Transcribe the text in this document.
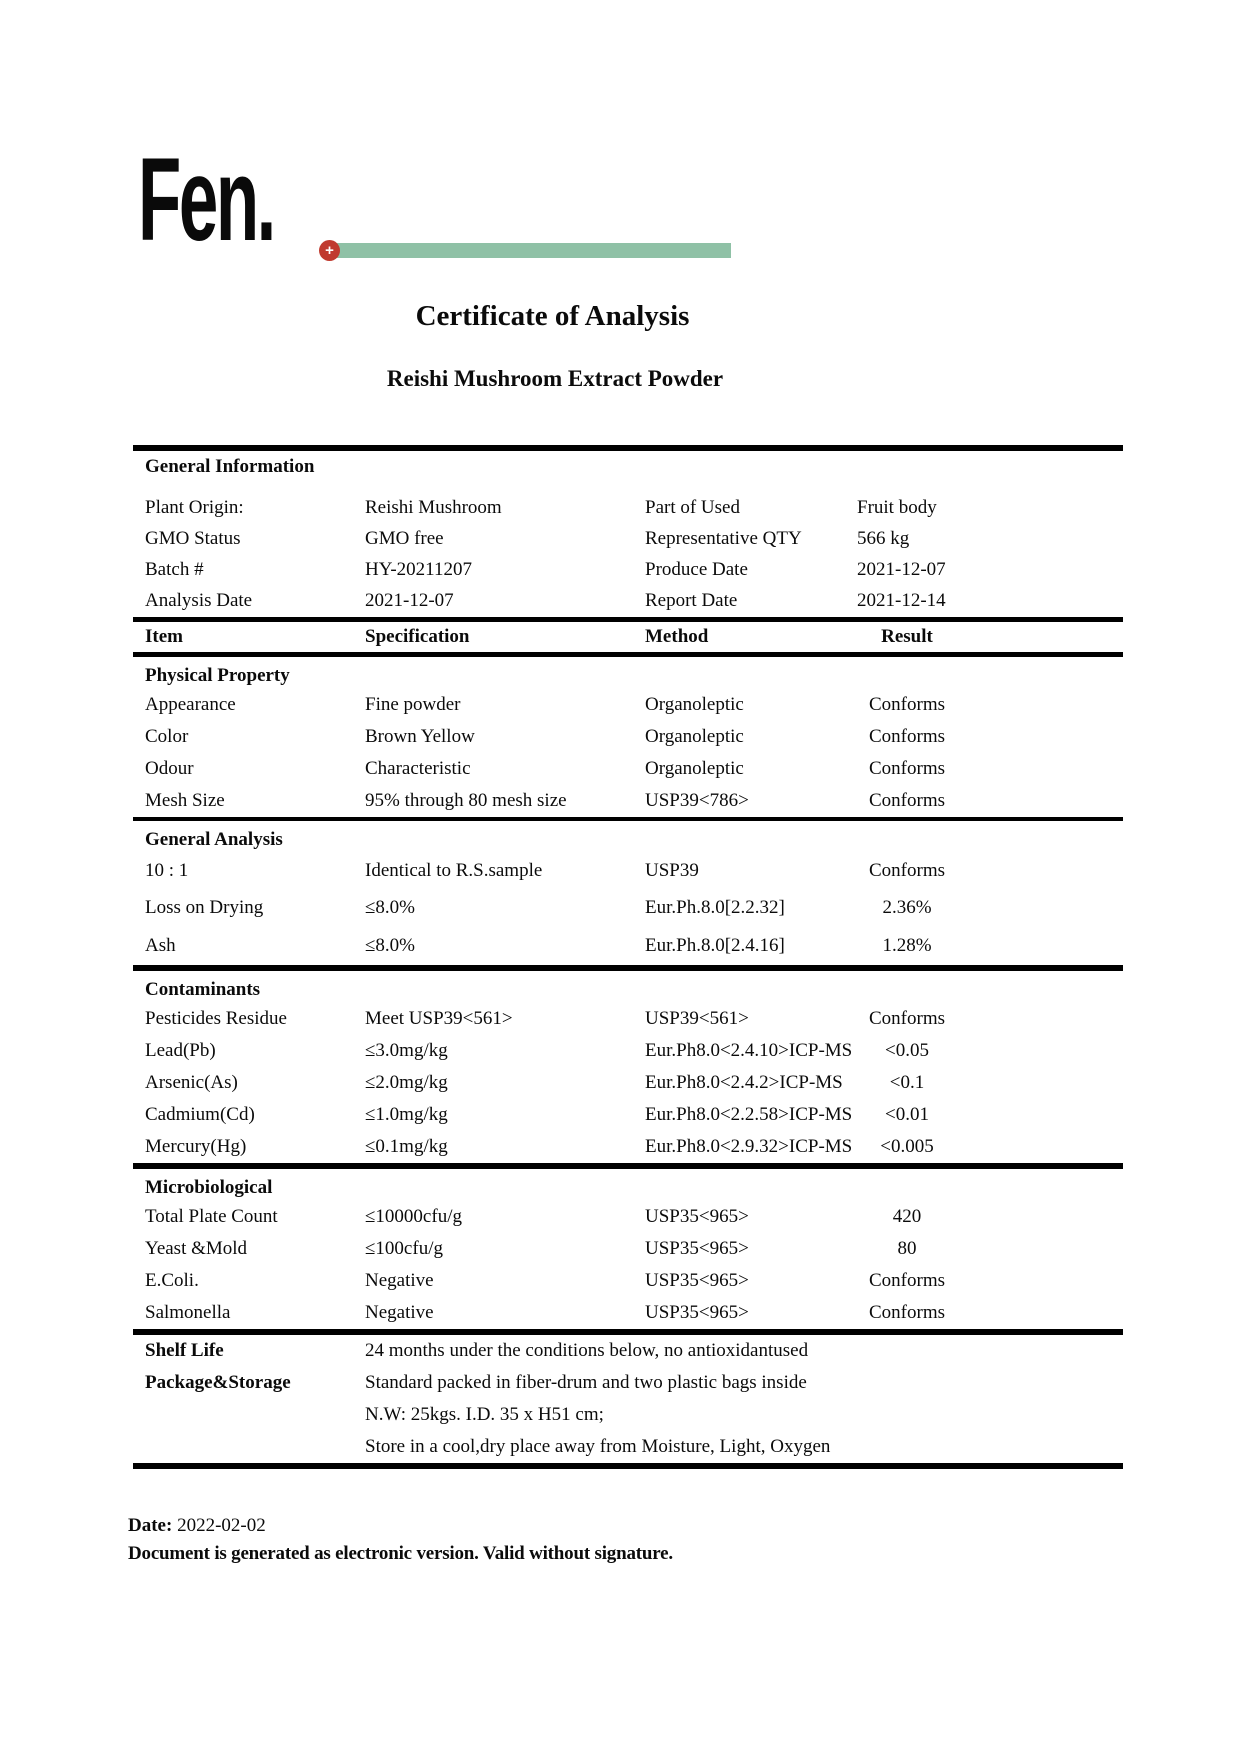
Fen.	+
Certificate of Analysis
Reishi Mushroom Extract Powder
General Information
Plant Origin:	Reishi Mushroom	Part of Used	Fruit body
GMO Status	GMO free	Representative QTY	566 kg
Batch #	HY-20211207	Produce Date	2021-12-07
Analysis Date	2021-12-07	Report Date	2021-12-14
Item	Specification	Method	Result
Physical Property
Appearance	Fine powder	Organoleptic	Conforms
Color	Brown Yellow	Organoleptic	Conforms
Odour	Characteristic	Organoleptic	Conforms
Mesh Size	95% through 80 mesh size	USP39<786>	Conforms
General Analysis
10 : 1	Identical to R.S.sample	USP39	Conforms
Loss on Drying	≤8.0%	Eur.Ph.8.0[2.2.32]	2.36%
Ash	≤8.0%	Eur.Ph.8.0[2.4.16]	1.28%
Contaminants
Pesticides Residue	Meet USP39<561>	USP39<561>	Conforms
Lead(Pb)	≤3.0mg/kg	Eur.Ph8.0<2.4.10>ICP-MS	<0.05
Arsenic(As)	≤2.0mg/kg	Eur.Ph8.0<2.4.2>ICP-MS	<0.1
Cadmium(Cd)	≤1.0mg/kg	Eur.Ph8.0<2.2.58>ICP-MS	<0.01
Mercury(Hg)	≤0.1mg/kg	Eur.Ph8.0<2.9.32>ICP-MS	<0.005
Microbiological
Total Plate Count	≤10000cfu/g	USP35<965>	420
Yeast &Mold	≤100cfu/g	USP35<965>	80
E.Coli.	Negative	USP35<965>	Conforms
Salmonella	Negative	USP35<965>	Conforms
Shelf Life	24 months under the conditions below, no antioxidantused
Package&Storage	Standard packed in fiber-drum and two plastic bags inside
N.W: 25kgs. I.D. 35 x H51 cm;
Store in a cool,dry place away from Moisture, Light, Oxygen
Date: 2022-02-02
Document is generated as electronic version. Valid without signature.
